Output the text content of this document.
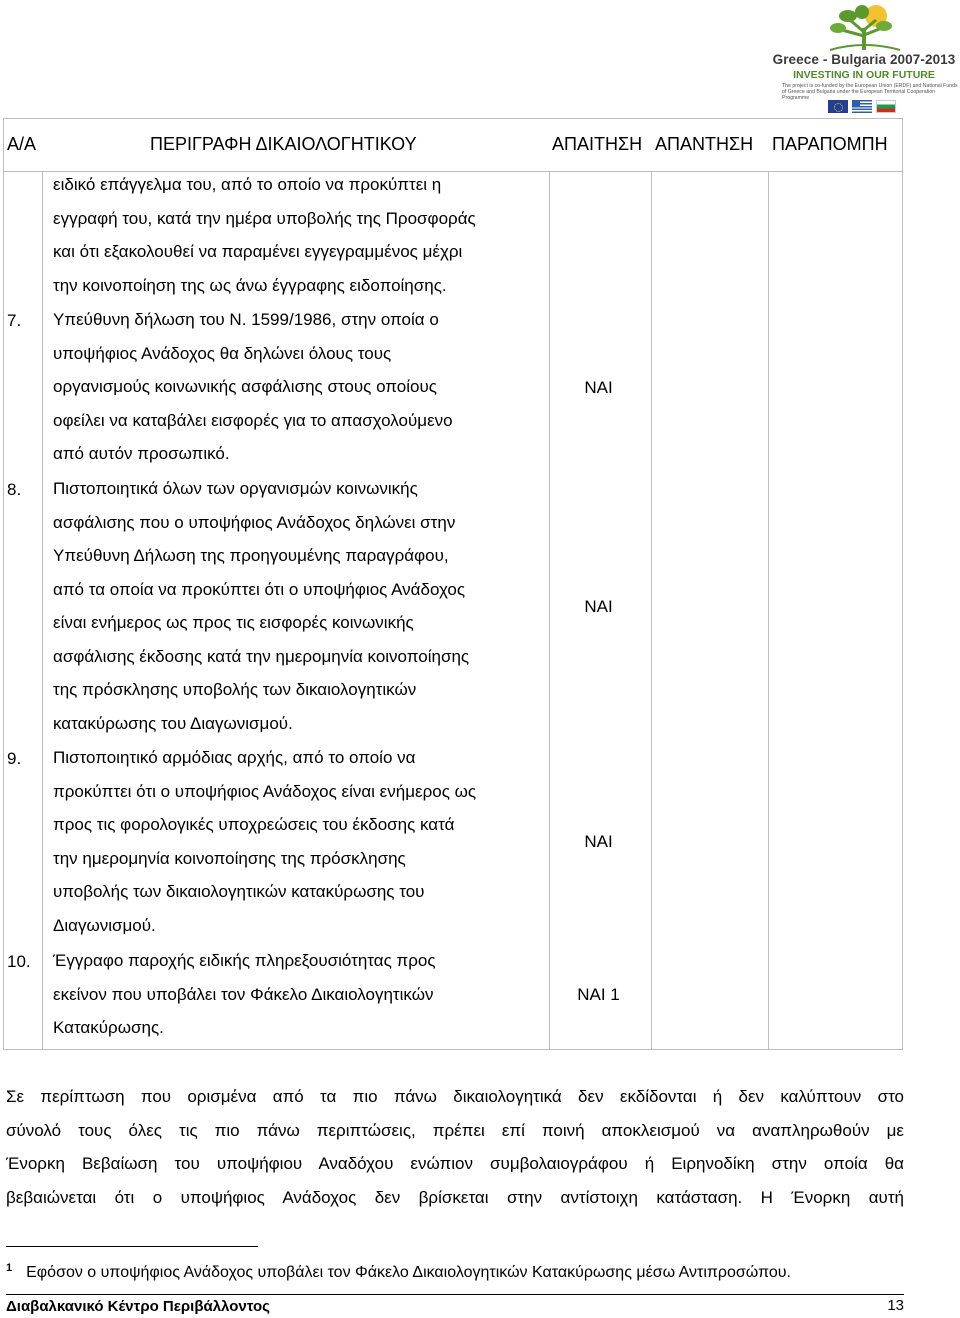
Greece - Bulgaria 2007-2013
INVESTING IN OUR FUTURE
The project is co-funded by the European Union (ERDF) and National Funds of Greece and Bulgaria under the European Territorial Cooperation Programme
Α/Α	ΠΕΡΙΓΡΑΦΗ ΔΙΚΑΙΟΛΟΓΗΤΙΚΟΥ	ΑΠΑΙΤΗΣΗ ΑΠΑΝΤΗΣΗ ΠΑΡΑΠΟΜΠΗ
ειδικό επάγγελμα του, από το οποίο να προκύπτει η
εγγραφή του, κατά την ημέρα υποβολής της Προσφοράς
και ότι εξακολουθεί να παραμένει εγγεγραμμένος μέχρι
την κοινοποίηση της ως άνω έγγραφης ειδοποίησης.
7. Υπεύθυνη δήλωση του Ν. 1599/1986, στην οποία ο
υποψήφιος Ανάδοχος θα δηλώνει όλους τους
οργανισμούς κοινωνικής ασφάλισης στους οποίους
οφείλει να καταβάλει εισφορές για το απασχολούμενο
από αυτόν προσωπικό.
ΝΑΙ
8. Πιστοποιητικά όλων των οργανισμών κοινωνικής
ασφάλισης που ο υποψήφιος Ανάδοχος δηλώνει στην
Υπεύθυνη Δήλωση της προηγουμένης παραγράφου,
από τα οποία να προκύπτει ότι ο υποψήφιος Ανάδοχος
είναι ενήμερος ως προς τις εισφορές κοινωνικής
ασφάλισης έκδοσης κατά την ημερομηνία κοινοποίησης
της πρόσκλησης υποβολής των δικαιολογητικών
κατακύρωσης του Διαγωνισμού.
ΝΑΙ
9. Πιστοποιητικό αρμόδιας αρχής, από το οποίο να
προκύπτει ότι ο υποψήφιος Ανάδοχος είναι ενήμερος ως
προς τις φορολογικές υποχρεώσεις του έκδοσης κατά
την ημερομηνία κοινοποίησης της πρόσκλησης
υποβολής των δικαιολογητικών κατακύρωσης του
Διαγωνισμού.
ΝΑΙ
10. Έγγραφο παροχής ειδικής πληρεξουσιότητας προς
εκείνον που υποβάλει τον Φάκελο Δικαιολογητικών
Κατακύρωσης.
ΝΑΙ 1
Σε περίπτωση που ορισμένα από τα πιο πάνω δικαιολογητικά δεν εκδίδονται ή δεν καλύπτουν στο
σύνολό τους όλες τις πιο πάνω περιπτώσεις, πρέπει επί ποινή αποκλεισμού να αναπληρωθούν με
Ένορκη Βεβαίωση του υποψήφιου Αναδόχου ενώπιον συμβολαιογράφου ή Ειρηνοδίκη στην οποία θα
βεβαιώνεται ότι ο υποψήφιος Ανάδοχος δεν βρίσκεται στην αντίστοιχη κατάσταση. Η Ένορκη αυτή
$^1$ Εφόσον ο υποψήφιος Ανάδοχος υποβάλει τον Φάκελο Δικαιολογητικών Κατακύρωσης μέσω Αντιπροσώπου.
Διαβαλκανικό Κέντρο Περιβάλλοντος	13
